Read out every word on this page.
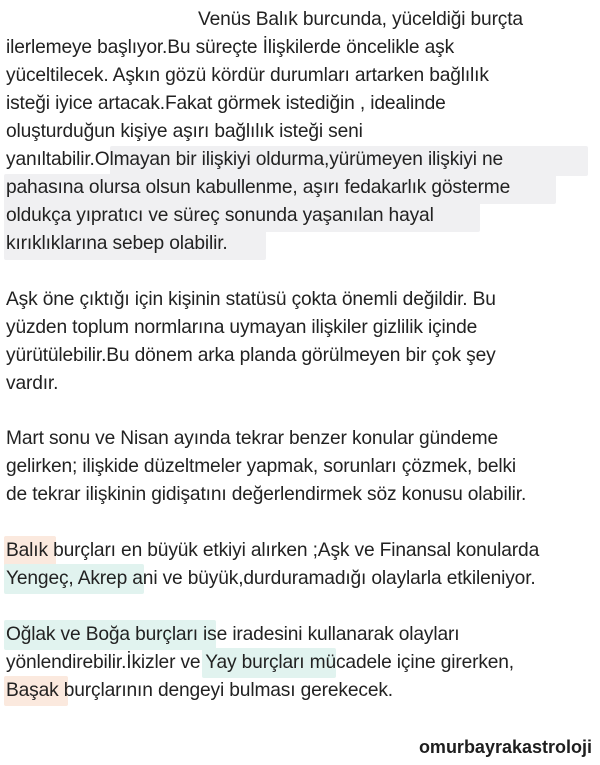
Venüs Balık burcunda, yüceldiği burçta
ilerlemeye başlıyor.Bu süreçte İlişkilerde öncelikle aşk
yüceltilecek. Aşkın gözü kördür durumları artarken bağlılık
isteği iyice artacak.Fakat görmek istediğin , idealinde
oluşturduğun kişiye aşırı bağlılık isteği seni
yanıltabilir.Olmayan bir ilişkiyi oldurma,yürümeyen ilişkiyi ne
pahasına olursa olsun kabullenme, aşırı fedakarlık gösterme
oldukça yıpratıcı ve süreç sonunda yaşanılan hayal
kırıklıklarına sebep olabilir.
Aşk öne çıktığı için kişinin statüsü çokta önemli değildir. Bu
yüzden toplum normlarına uymayan ilişkiler gizlilik içinde
yürütülebilir.Bu dönem arka planda görülmeyen bir çok şey
vardır.
Mart sonu ve Nisan ayında tekrar benzer konular gündeme
gelirken; ilişkide düzeltmeler yapmak, sorunları çözmek, belki
de tekrar ilişkinin gidişatını değerlendirmek söz konusu olabilir.
Balık burçları en büyük etkiyi alırken ;Aşk ve Finansal konularda
Yengeç, Akrep ani ve büyük,durduramadığı olaylarla etkileniyor.
Oğlak ve Boğa burçları ise iradesini kullanarak olayları
yönlendirebilir.İkizler ve Yay burçları mücadele içine girerken,
Başak burçlarının dengeyi bulması gerekecek.
omurbayrakastroloji
